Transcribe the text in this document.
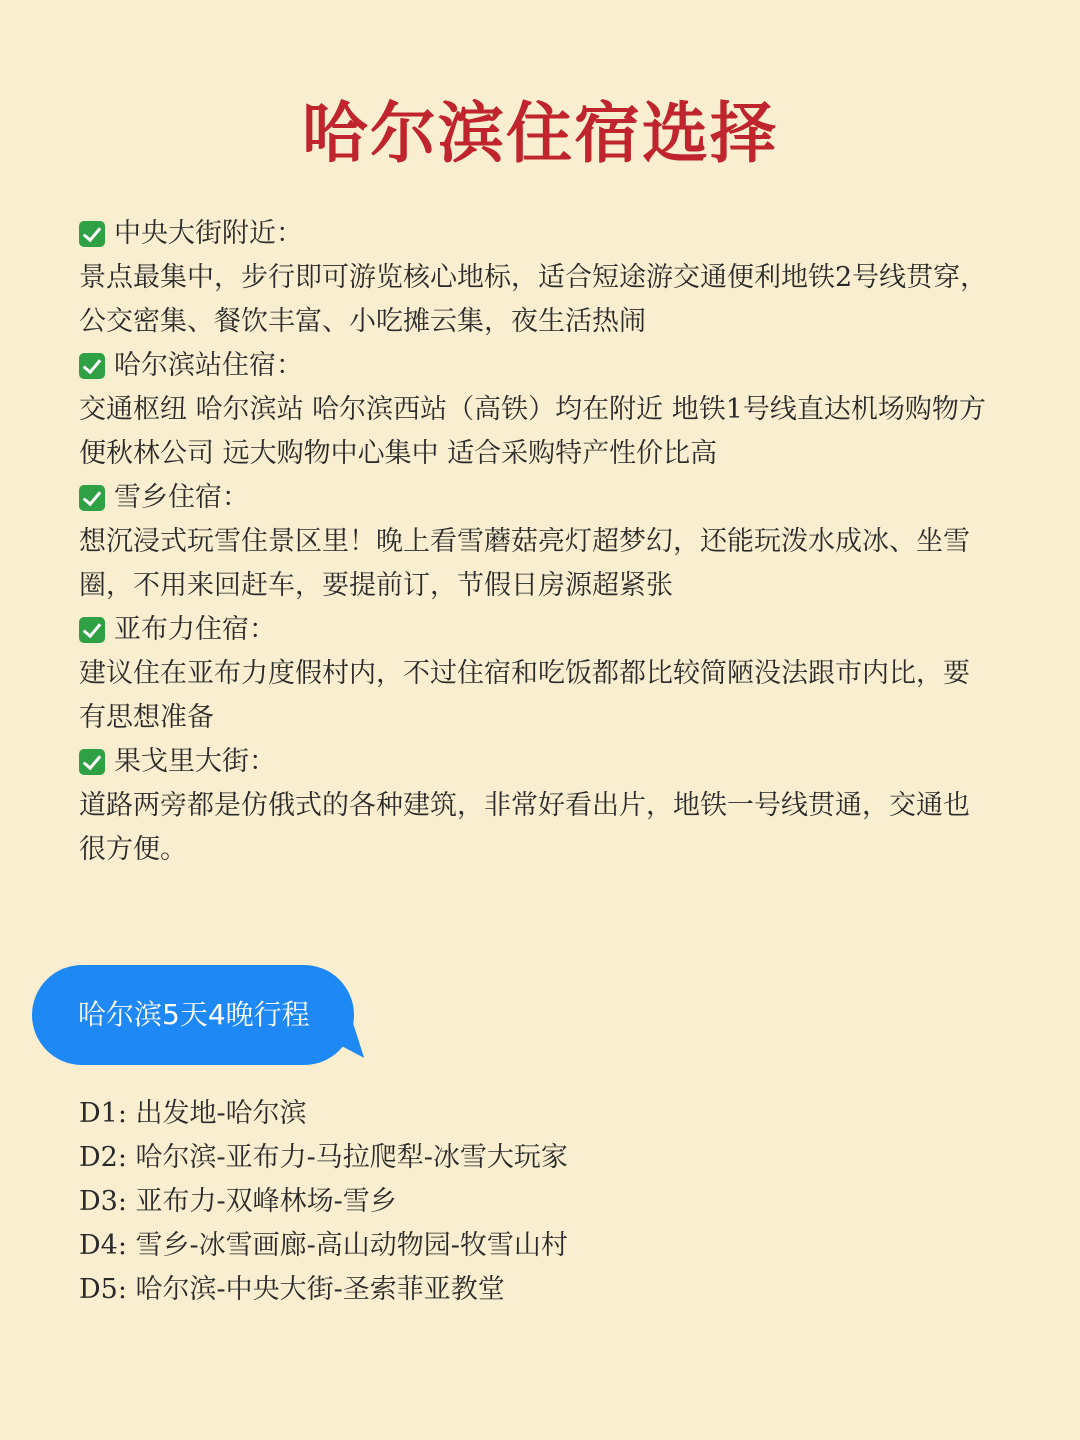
哈尔滨住宿选择
中央大街附近：
景点最集中，步行即可游览核心地标，适合短途游交通便利地铁2号线贯穿，
公交密集、餐饮丰富、小吃摊云集，夜生活热闹
哈尔滨站住宿：
交通枢纽 哈尔滨站 哈尔滨西站（高铁）均在附近 地铁1号线直达机场购物方
便秋林公司 远大购物中心集中 适合采购特产性价比高
雪乡住宿：
想沉浸式玩雪住景区里！晚上看雪蘑菇亮灯超梦幻，还能玩泼水成冰、坐雪
圈，不用来回赶车，要提前订，节假日房源超紧张
亚布力住宿：
建议住在亚布力度假村内，不过住宿和吃饭都都比较简陋没法跟市内比，要
有思想准备
果戈里大街：
道路两旁都是仿俄式的各种建筑，非常好看出片，地铁一号线贯通，交通也
很方便。
哈尔滨5天4晚行程
D1: 出发地-哈尔滨
D2: 哈尔滨-亚布力-马拉爬犁-冰雪大玩家
D3: 亚布力-双峰林场-雪乡
D4: 雪乡-冰雪画廊-高山动物园-牧雪山村
D5: 哈尔滨-中央大街-圣索菲亚教堂
